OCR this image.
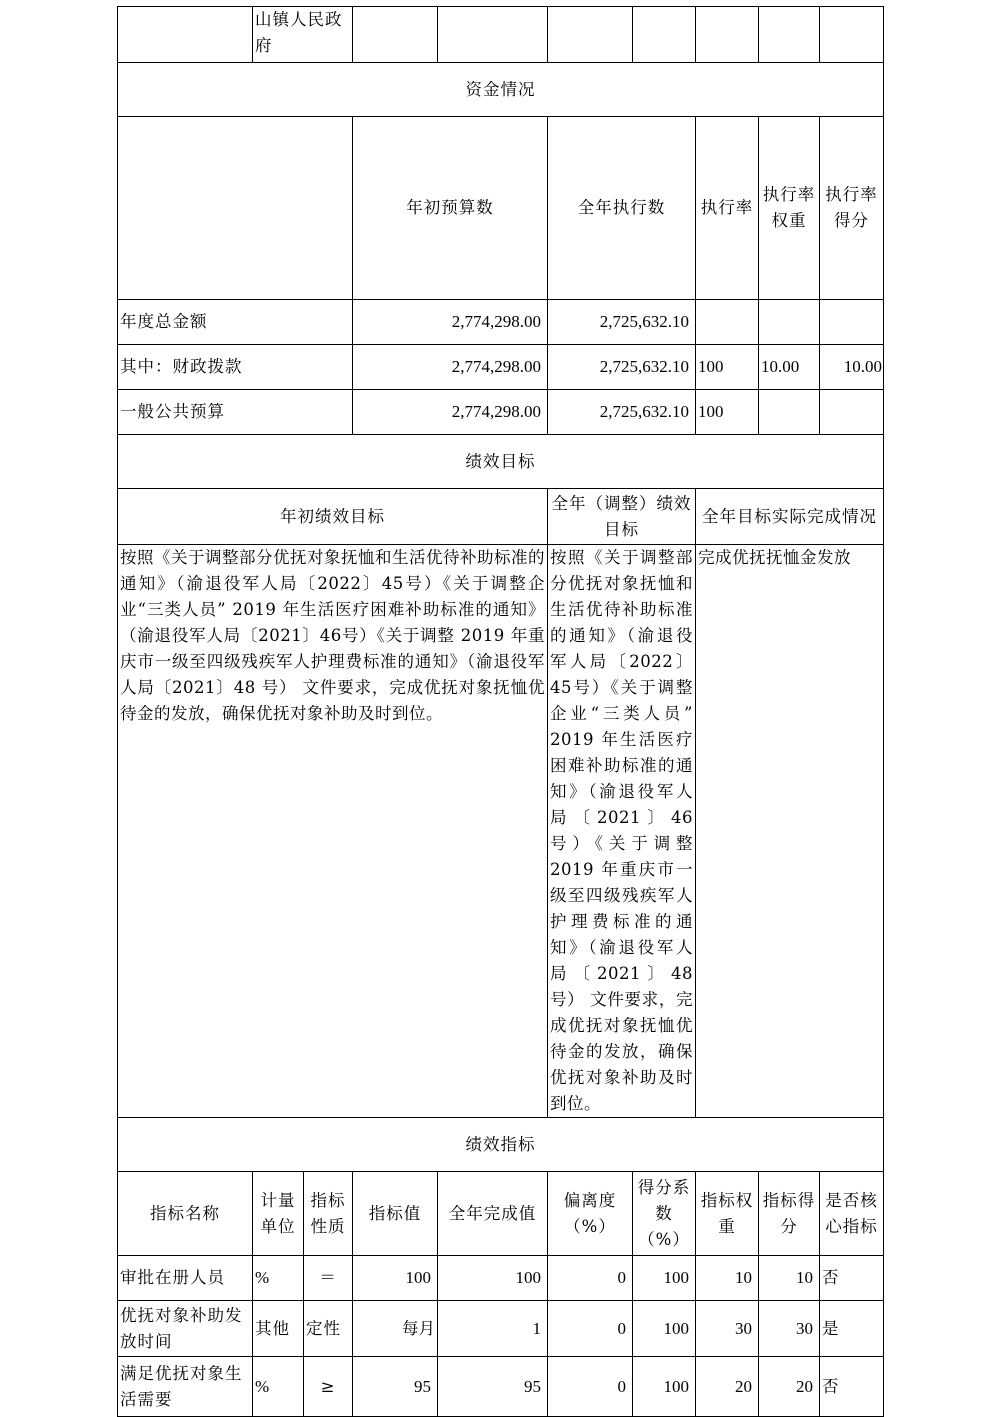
	山镇人民政府								
资金情况									
			年初预算数		全年执行数		执行率	执行率权重	执行率得分
年度总金额			2,774,298.00		2,725,632.10				
其中：财政拨款			2,774,298.00		2,725,632.10		100	10.00	10.00
一般公共预算			2,774,298.00		2,725,632.10		100		
绩效目标									
年初绩效目标					全年（调整）绩效目标		全年目标实际完成情况		

按照《关于调整部分优抚对象抚恤和生活优待补助标准的通知》（渝退役军人局〔2022〕45号）《关于调整企业“三类人员” 2019 年生活医疗困难补助标准的通知》（渝退役军人局〔2021〕46号）《关于调整 2019 年重庆市一级至四级残疾军人护理费标准的通知》（渝退役军人局〔2021〕48 号） 文件要求，完成优抚对象抚恤优待金的发放，确保优抚对象补助及时到位。					按照《关于调整部分优抚对象抚恤和生活优待补助标准的通知》（渝退役军人局〔2022〕45号）《关于调整企业“三类人员” 2019 年生活医疗困难补助标准的通知》（渝退役军人局〔2021〕46 号）《关于调整 2019 年重庆市一级至四级残疾军人护理费标准的通知》（渝退役军人局〔2021〕48 号） 文件要求，完成优抚对象抚恤优待金的发放，确保优抚对象补助及时到位。		完成优抚抚恤金发放		

绩效指标									
指标名称	计量单位	指标性质	指标值	全年完成值	偏离度（%）	得分系数（%）	指标权重	指标得分	是否核心指标
审批在册人员	%	＝	100	100	0	100	10	10	否
优抚对象补助发放时间	其他	定性	每月	1	0	100	30	30	是
满足优抚对象生活需要	%	≥	95	95	0	100	20	20	否
